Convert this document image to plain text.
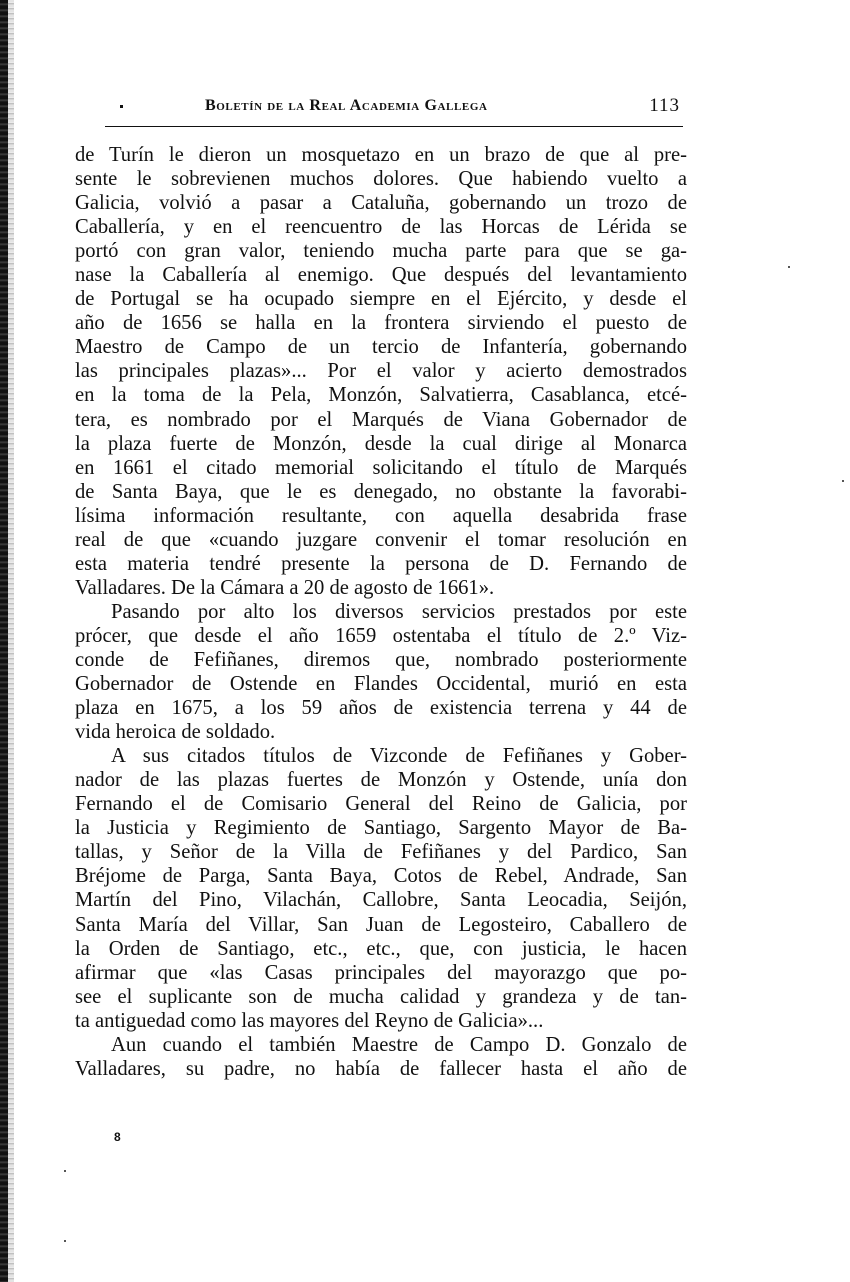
Boletín de la Real Academia Gallega	113
de Turín le dieron un mosquetazo en un brazo de que al pre-
sente le sobrevienen muchos dolores. Que habiendo vuelto a
Galicia, volvió a pasar a Cataluña, gobernando un trozo de
Caballería, y en el reencuentro de las Horcas de Lérida se
portó con gran valor, teniendo mucha parte para que se ga-
nase la Caballería al enemigo. Que después del levantamiento
de Portugal se ha ocupado siempre en el Ejército, y desde el
año de 1656 se halla en la frontera sirviendo el puesto de
Maestro de Campo de un tercio de Infantería, gobernando
las principales plazas»... Por el valor y acierto demostrados
en la toma de la Pela, Monzón, Salvatierra, Casablanca, etcé-
tera, es nombrado por el Marqués de Viana Gobernador de
la plaza fuerte de Monzón, desde la cual dirige al Monarca
en 1661 el citado memorial solicitando el título de Marqués
de Santa Baya, que le es denegado, no obstante la favorabi-
lísima información resultante, con aquella desabrida frase
real de que «cuando juzgare convenir el tomar resolución en
esta materia tendré presente la persona de D. Fernando de
Valladares. De la Cámara a 20 de agosto de 1661».
Pasando por alto los diversos servicios prestados por este
prócer, que desde el año 1659 ostentaba el título de 2.º Viz-
conde de Fefiñanes, diremos que, nombrado posteriormente
Gobernador de Ostende en Flandes Occidental, murió en esta
plaza en 1675, a los 59 años de existencia terrena y 44 de
vida heroica de soldado.
A sus citados títulos de Vizconde de Fefiñanes y Gober-
nador de las plazas fuertes de Monzón y Ostende, unía don
Fernando el de Comisario General del Reino de Galicia, por
la Justicia y Regimiento de Santiago, Sargento Mayor de Ba-
tallas, y Señor de la Villa de Fefiñanes y del Pardico, San
Bréjome de Parga, Santa Baya, Cotos de Rebel, Andrade, San
Martín del Pino, Vilachán, Callobre, Santa Leocadia, Seijón,
Santa María del Villar, San Juan de Legosteiro, Caballero de
la Orden de Santiago, etc., etc., que, con justicia, le hacen
afirmar que «las Casas principales del mayorazgo que po-
see el suplicante son de mucha calidad y grandeza y de tan-
ta antiguedad como las mayores del Reyno de Galicia»...
Aun cuando el también Maestre de Campo D. Gonzalo de
Valladares, su padre, no había de fallecer hasta el año de
8
